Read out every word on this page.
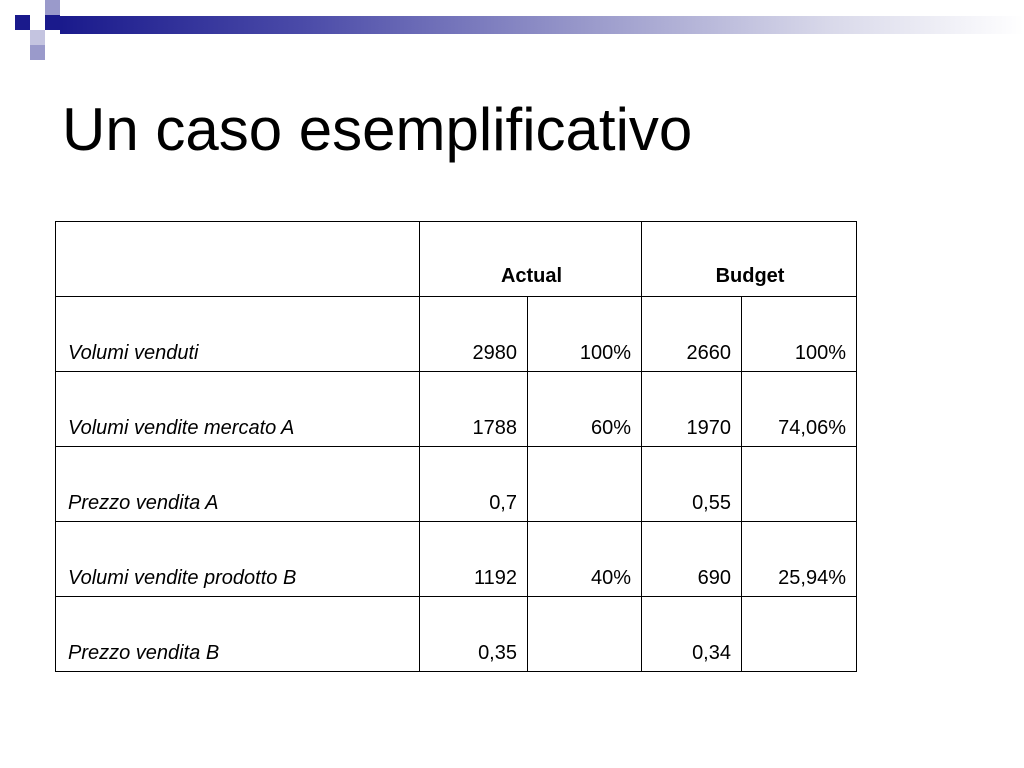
Un caso esemplificativo
	Actual		Budget	
Volumi venduti	2980	100%	2660	100%
Volumi vendite mercato A	1788	60%	1970	74,06%
Prezzo vendita A	0,7		0,55	
Volumi vendite prodotto B	1192	40%	690	25,94%
Prezzo vendita B	0,35		0,34	
